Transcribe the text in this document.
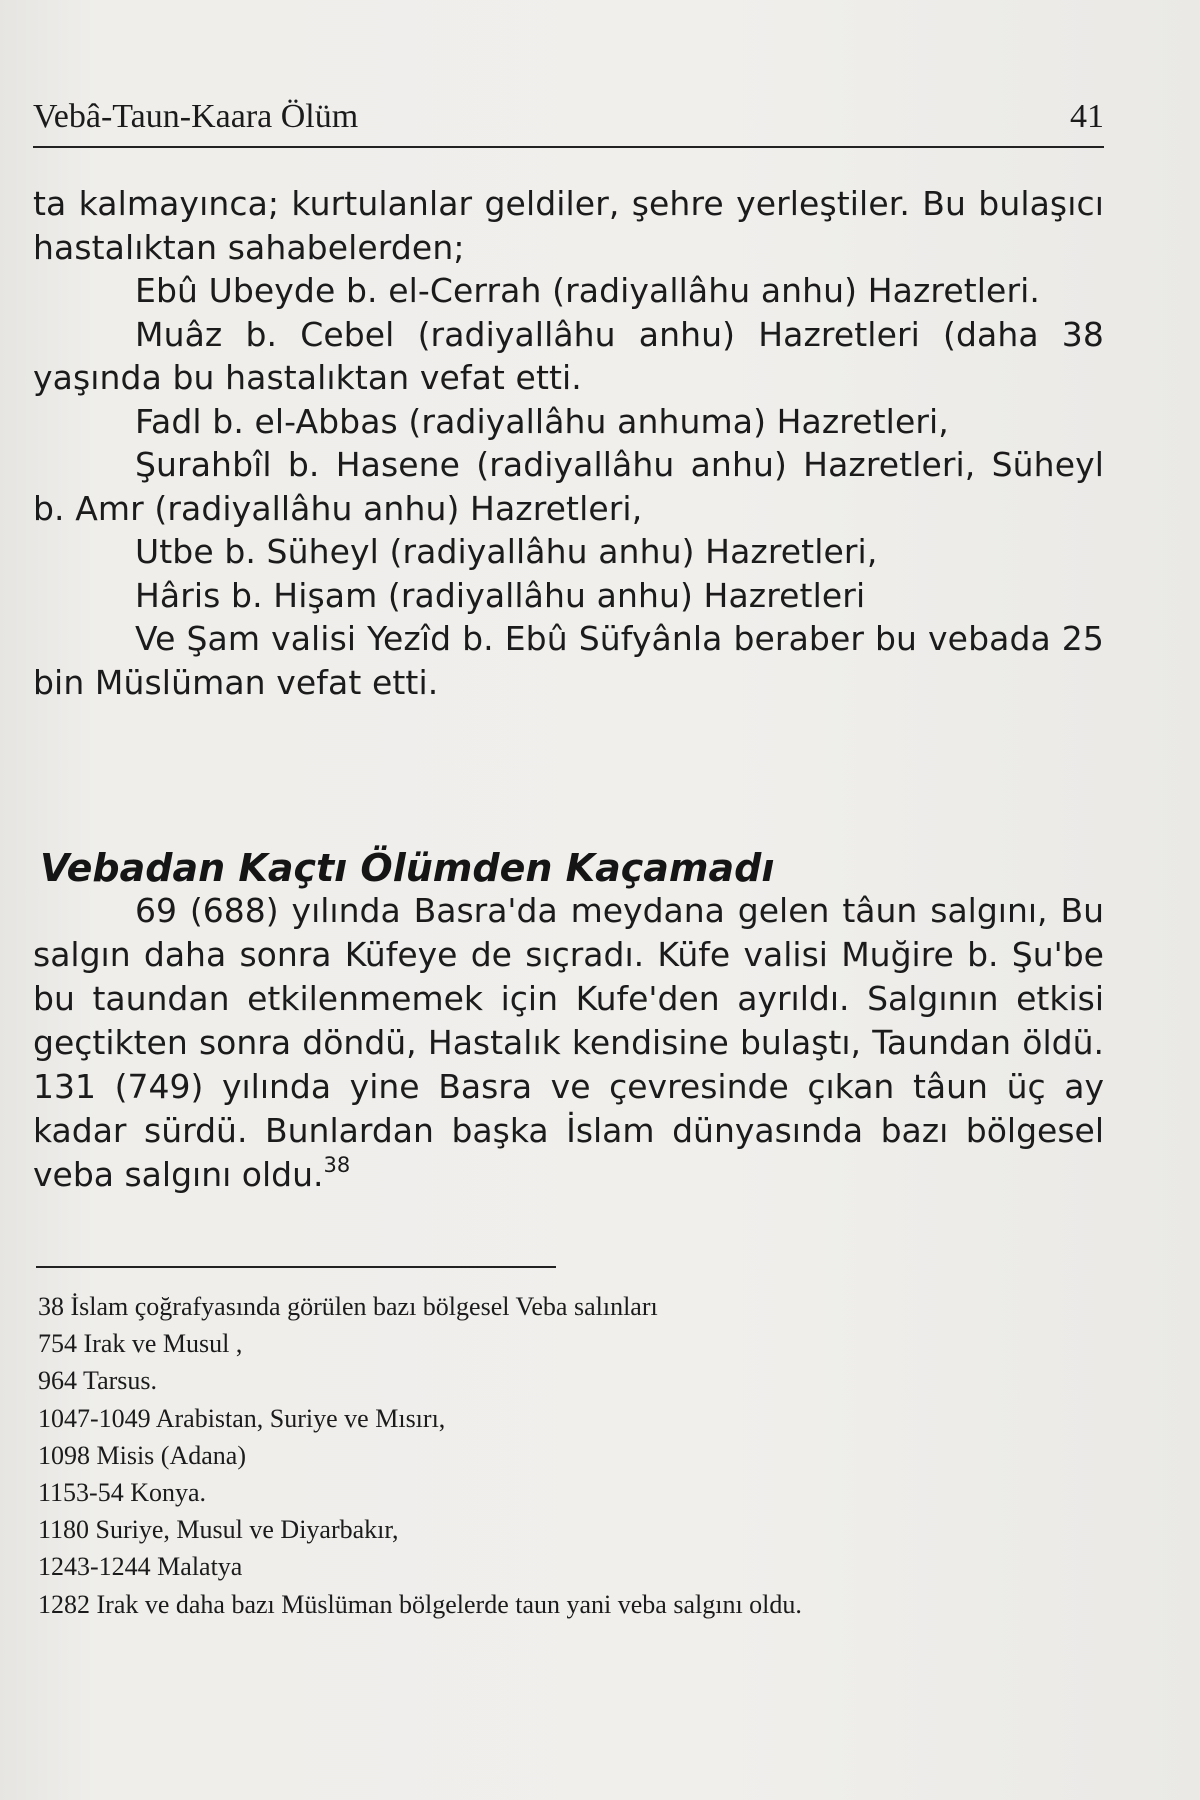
Vebâ-Taun-Kaara Ölüm	41

ta kalmayınca; kurtulanlar geldiler, şehre yerleştiler. Bu bulaşıcı hastalıktan sahabelerden;

Ebû Ubeyde b. el-Cerrah (radiyallâhu anhu) Hazretleri.

Muâz b. Cebel (radiyallâhu anhu) Hazretleri (daha 38 yaşında bu hastalıktan vefat etti.

Fadl b. el-Abbas (radiyallâhu anhuma) Hazretleri,

Şurahbîl b. Hasene (radiyallâhu anhu) Hazretleri, Süheyl b. Amr (radiyallâhu anhu) Hazretleri,

Utbe b. Süheyl (radiyallâhu anhu) Hazretleri,

Hâris b. Hişam (radiyallâhu anhu) Hazretleri

Ve Şam valisi Yezîd b. Ebû Süfyânla beraber bu vebada 25 bin Müslüman vefat etti.

Vebadan Kaçtı Ölümden Kaçamadı

69 (688) yılında Basra'da meydana gelen tâun salgını, Bu salgın daha sonra Küfeye de sıçradı. Küfe valisi Muğire b. Şu'be bu taundan etkilenmemek için Kufe'den ayrıldı. Salgının etkisi geçtikten sonra döndü, Hastalık kendisine bulaştı, Taundan öldü. 131 (749) yılında yine Basra ve çevresinde çıkan tâun üç ay kadar sürdü. Bunlardan başka İslam dünyasında bazı bölgesel veba salgını oldu.$^{38}$

38 İslam çoğrafyasında görülen bazı bölgesel Veba salınları
754 Irak ve Musul ,
964 Tarsus.
1047-1049 Arabistan, Suriye ve Mısırı,
1098 Misis (Adana)
1153-54 Konya.
1180 Suriye, Musul ve Diyarbakır,
1243-1244 Malatya
1282 Irak ve daha bazı Müslüman bölgelerde taun yani veba salgını oldu.
